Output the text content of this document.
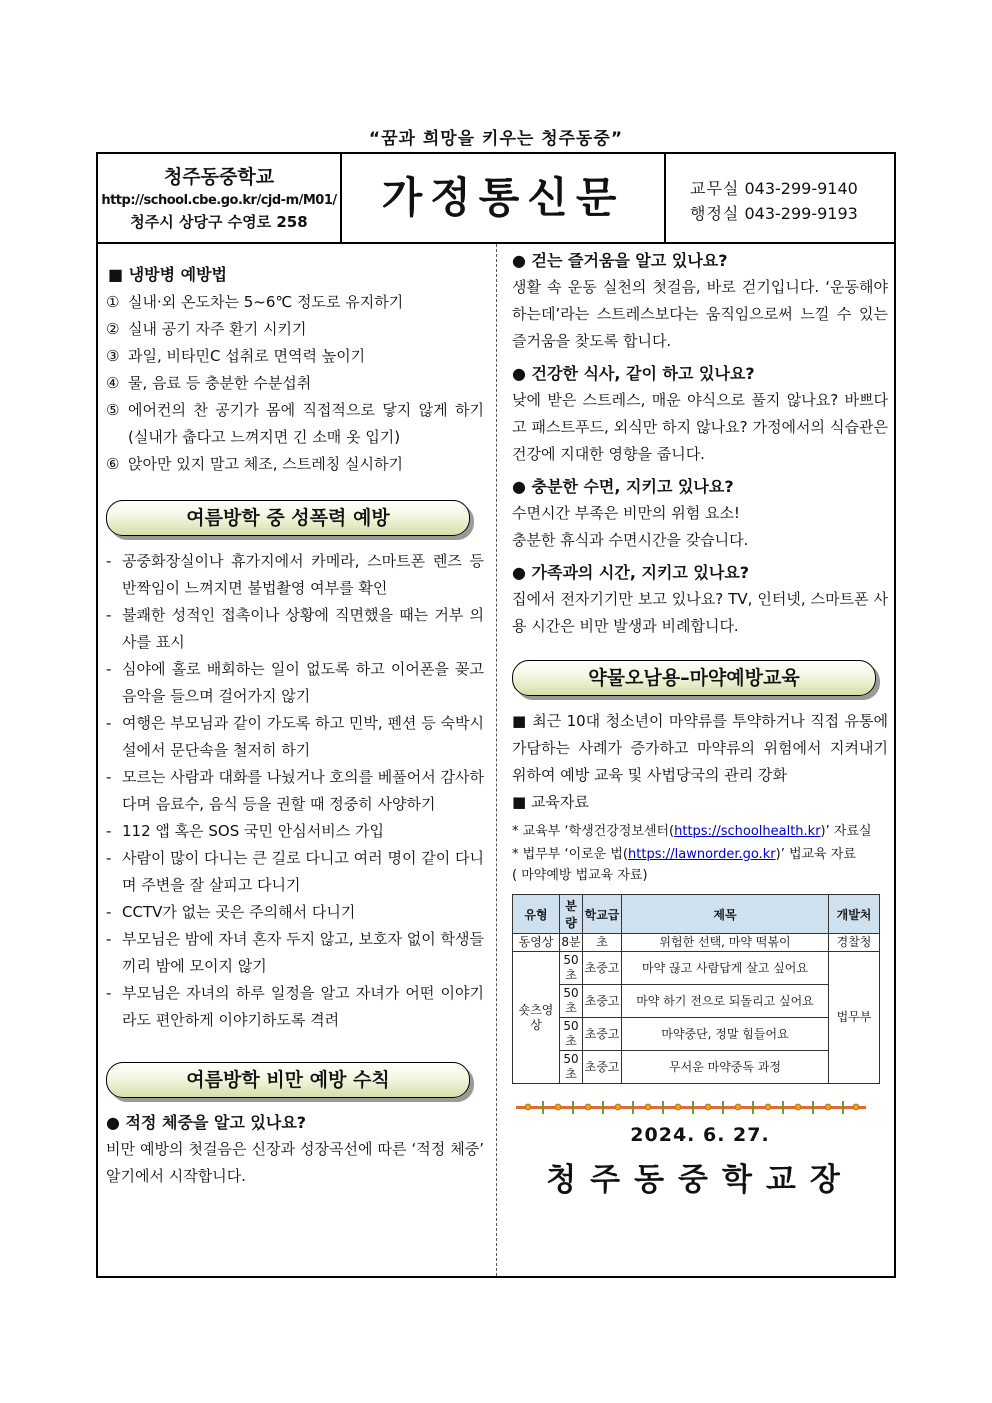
“꿈과 희망을 키우는 청주동중”
청주동중학교
http://school.cbe.go.kr/cjd-m/M01/
청주시 상당구 수영로 258	가정통신문	교무실 043-299-9140
행정실 043-299-9193
■ 냉방병 예방법
① 실내·외 온도차는 5~6℃ 정도로 유지하기
② 실내 공기 자주 환기 시키기
③ 과일, 비타민C 섭취로 면역력 높이기
④ 물, 음료 등 충분한 수분섭취
⑤ 에어컨의 찬 공기가 몸에 직접적으로 닿지 않게 하기(실내가 춥다고 느껴지면 긴 소매 옷 입기)
⑥ 앉아만 있지 말고 체조, 스트레칭 실시하기
여름방학 중 성폭력 예방
- 공중화장실이나 휴가지에서 카메라, 스마트폰 렌즈 등 반짝임이 느껴지면 불법촬영 여부를 확인
- 불쾌한 성적인 접촉이나 상황에 직면했을 때는 거부 의사를 표시
- 심야에 홀로 배회하는 일이 없도록 하고 이어폰을 꽂고 음악을 들으며 걸어가지 않기
- 여행은 부모님과 같이 가도록 하고 민박, 펜션 등 숙박시설에서 문단속을 철저히 하기
- 모르는 사람과 대화를 나눴거나 호의를 베풀어서 감사하다며 음료수, 음식 등을 권할 때 정중히 사양하기
- 112 앱 혹은 SOS 국민 안심서비스 가입
- 사람이 많이 다니는 큰 길로 다니고 여러 명이 같이 다니며 주변을 잘 살피고 다니기
- CCTV가 없는 곳은 주의해서 다니기
- 부모님은 밤에 자녀 혼자 두지 않고, 보호자 없이 학생들끼리 밤에 모이지 않기
- 부모님은 자녀의 하루 일정을 알고 자녀가 어떤 이야기라도 편안하게 이야기하도록 격려
여름방학 비만 예방 수칙
● 적정 체중을 알고 있나요?
비만 예방의 첫걸음은 신장과 성장곡선에 따른 ‘적정 체중’ 알기에서 시작합니다.
● 걷는 즐거움을 알고 있나요?
생활 속 운동 실천의 첫걸음, 바로 걷기입니다. ‘운동해야 하는데’라는 스트레스보다는 움직임으로써 느낄 수 있는 즐거움을 찾도록 합니다.
● 건강한 식사, 같이 하고 있나요?
낮에 받은 스트레스, 매운 야식으로 풀지 않나요? 바쁘다고 패스트푸드, 외식만 하지 않나요? 가정에서의 식습관은 건강에 지대한 영향을 줍니다.
● 충분한 수면, 지키고 있나요?
수면시간 부족은 비만의 위험 요소!
충분한 휴식과 수면시간을 갖습니다.
● 가족과의 시간, 지키고 있나요?
집에서 전자기기만 보고 있나요? TV, 인터넷, 스마트폰 사용 시간은 비만 발생과 비례합니다.
약물오남용–마약예방교육
■ 최근 10대 청소년이 마약류를 투약하거나 직접 유통에 가담하는 사례가 증가하고 마약류의 위험에서 지켜내기 위하여 예방 교육 및 사법당국의 관리 강화
■ 교육자료
* 교육부 ‘학생건강정보센터(https://schoolhealth.kr)’ 자료실
* 법무부 ‘이로운 법(https://lawnorder.go.kr)’ 법교육 자료
( 마약예방 법교육 자료)
유형	분량	학교급	제목	개발처
동영상	8분	초	위험한 선택, 마약 떡볶이	경찰청
숏츠영상	50초	초중고	마약 끊고 사람답게 살고 싶어요	법무부
	50초	초중고	마약 하기 전으로 되돌리고 싶어요	
	50초	초중고	마약중단, 정말 힘들어요	
	50초	초중고	무서운 마약중독 과정	
2024. 6. 27.
청주동중학교장
